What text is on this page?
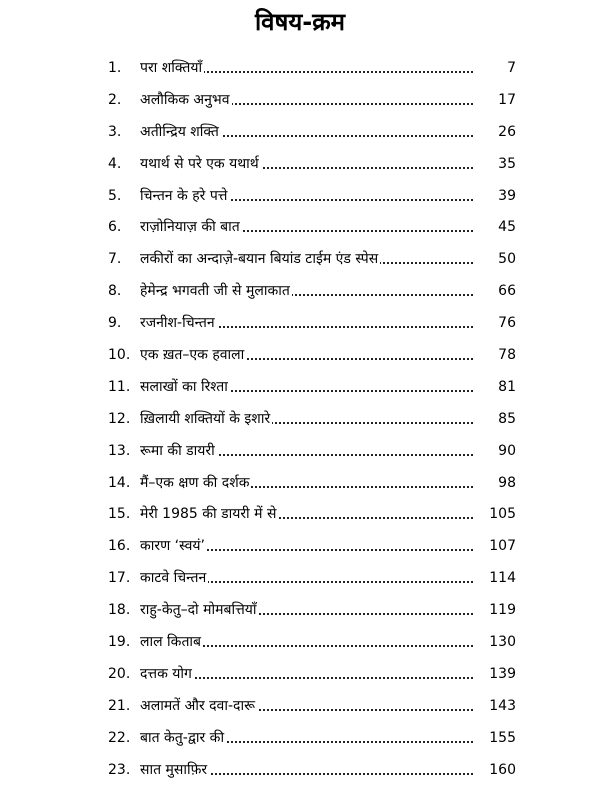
विषय-क्रम
1.	परा शक्तियाँ	7
2.	अलौकिक अनुभव	17
3.	अतीन्द्रिय शक्ति	26
4.	यथार्थ से परे एक यथार्थ	35
5.	चिन्तन के हरे पत्ते	39
6.	राज़ोनियाज़ की बात	45
7.	लकीरों का अन्दाज़े-बयान बियांड टाईम एंड स्पेस	50
8.	हेमेन्द्र भगवती जी से मुलाकात	66
9.	रजनीश-चिन्तन	76
10. एक ख़त–एक हवाला	78
11. सलाखों का रिश्ता	81
12. ख़िलायी शक्तियों के इशारे	85
13. रूमा की डायरी	90
14. मैं–एक क्षण की दर्शक	98
15. मेरी 1985 की डायरी में से	105
16. कारण ‘स्वयं’	107
17. काटवे चिन्तन	114
18. राहु-केतु–दो मोमबत्तियाँ	119
19. लाल किताब	130
20. दत्तक योग	139
21. अलामतें और दवा-दारू	143
22. बात केतु-द्वार की	155
23. सात मुसाफ़िर	160
